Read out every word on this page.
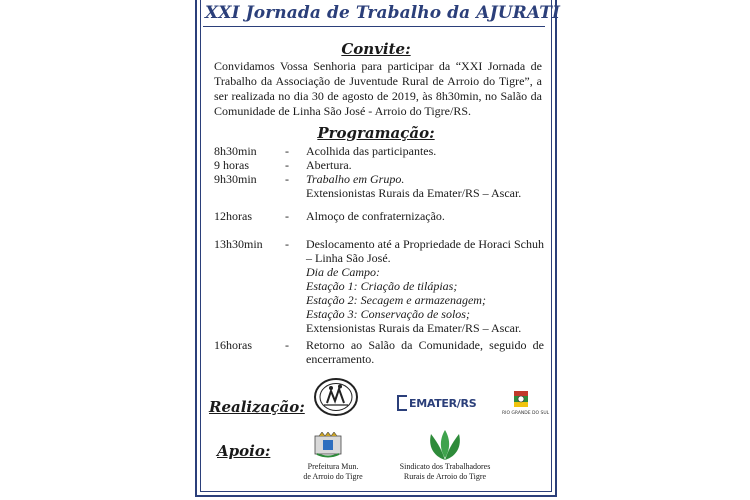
XXI Jornada de Trabalho da AJURATI
Convite:
Convidamos Vossa Senhoria para participar da “XXI Jornada de Trabalho da Associação de Juventude Rural de Arroio do Tigre”, a ser realizada no dia 30 de agosto de 2019, às 8h30min, no Salão da Comunidade de Linha São José - Arroio do Tigre/RS.
Programação:
8h30min - Acolhida das participantes.
9 horas	- Abertura.
9h30min - Trabalho em Grupo.
Extensionistas Rurais da Emater/RS – Ascar.
12horas	- Almoço de confraternização.
13h30min - Deslocamento até a Propriedade de Horaci Schuh – Linha São José.
Dia de Campo:
Estação 1: Criação de tilápias;
Estação 2: Secagem e armazenagem;
Estação 3: Conservação de solos;
Extensionistas Rurais da Emater/RS – Ascar.
16horas	- Retorno ao Salão da Comunidade, seguido de encerramento.
Realização:	EMATER/RS
RIO GRANDE DO SUL
Apoio:
Prefeitura Mun.
de Arroio do Tigre
Sindicato dos Trabalhadores
Rurais de Arroio do Tigre
